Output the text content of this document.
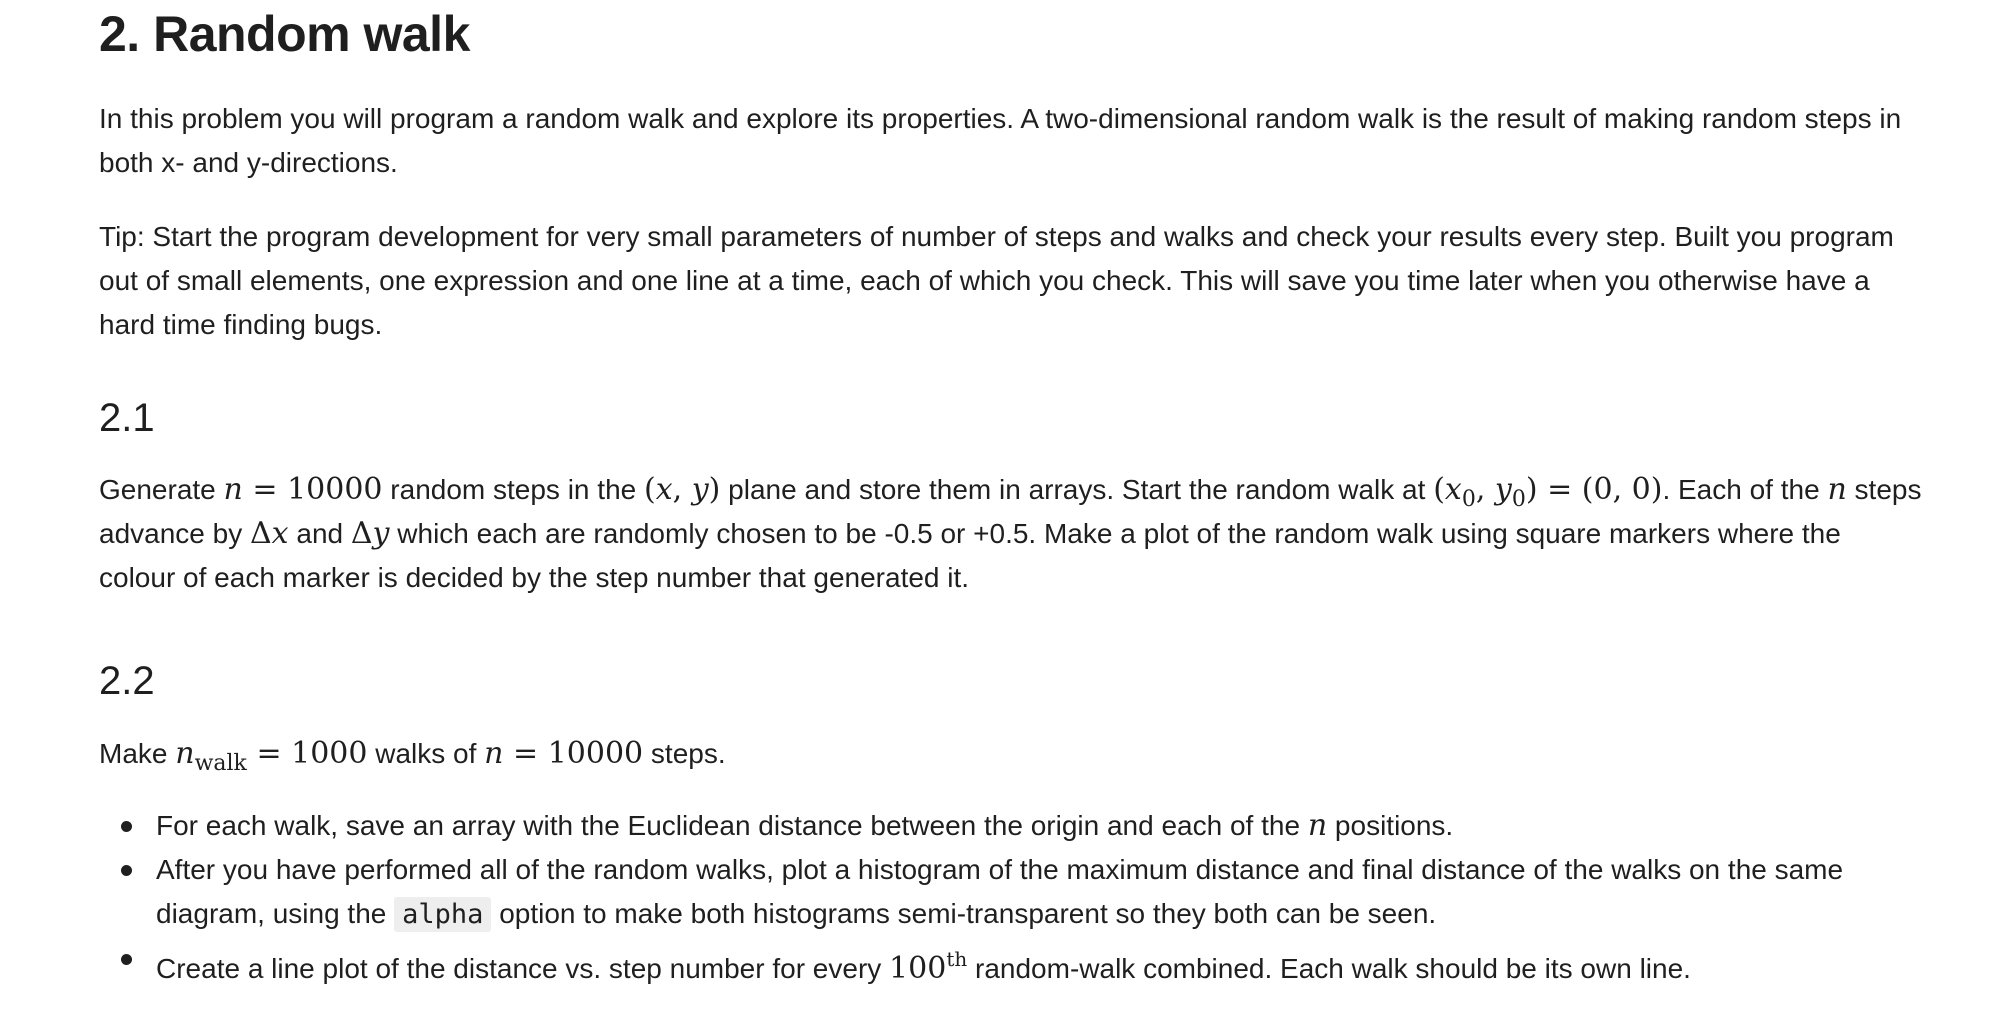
2. Random walk
In this problem you will program a random walk and explore its properties. A two-dimensional random walk is the result of making random steps in
both x- and y-directions.
Tip: Start the program development for very small parameters of number of steps and walks and check your results every step. Built you program
out of small elements, one expression and one line at a time, each of which you check. This will save you time later when you otherwise have a
hard time finding bugs.
2.1
Generate n = 10000 random steps in the (x, y) plane and store them in arrays. Start the random walk at ($x_0$, $y_0) = (0$, 0). Each of the n steps
advance by Δx and Δy which each are randomly chosen to be -0.5 or +0.5. Make a plot of the random walk using square markers where the
colour of each marker is decided by the step number that generated it.
2.2
Make $n_{walk} = 1000$ walks of n = 10000 steps.
For each walk, save an array with the Euclidean distance between the origin and each of the n positions.
After you have performed all of the random walks, plot a histogram of the maximum distance and final distance of the walks on the same
diagram, using the alpha option to make both histograms semi-transparent so they both can be seen.
Create a line plot of the distance vs. step number for every 100th random-walk combined. Each walk should be its own line.
